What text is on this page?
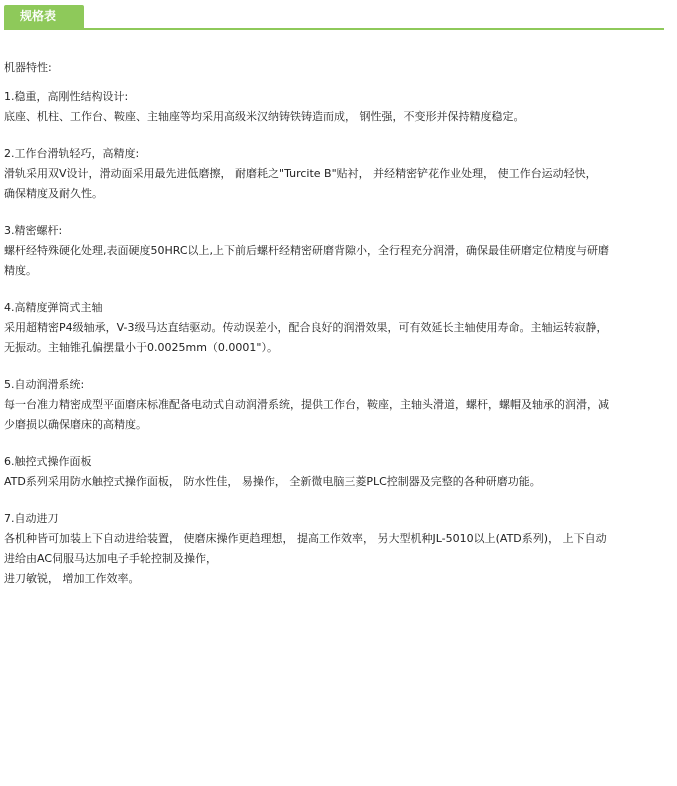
规格表

机器特性:

1.稳重，高刚性结构设计:

底座、机柱、工作台、鞍座、主轴座等均采用高级米汉纳铸铁铸造而成， 钢性强，不变形并保持精度稳定。

2.工作台滑轨轻巧，高精度:

滑轨采用双V设计，滑动面采用最先进低磨擦， 耐磨耗之"Turcite B"贴衬， 并经精密铲花作业处理， 使工作台运动轻快，

确保精度及耐久性。

3.精密螺杆:

螺杆经特殊硬化处理,表面硬度50HRC以上,上下前后螺杆经精密研磨背隙小，全行程充分润滑，确保最佳研磨定位精度与研磨

精度。

4.高精度弹筒式主轴

采用超精密P4级轴承，V-3级马达直结驱动。传动误差小，配合良好的润滑效果，可有效延长主轴使用寿命。主轴运转寂静，

无振动。主轴锥孔偏摆量小于0.0025mm（0.0001"）。

5.自动润滑系统:

每一台准力精密成型平面磨床标准配备电动式自动润滑系统，提供工作台，鞍座，主轴头滑道，螺杆，螺帽及轴承的润滑，减

少磨损以确保磨床的高精度。

6.触控式操作面板

ATD系列采用防水触控式操作面板， 防水性佳， 易操作， 全新微电脑三菱PLC控制器及完整的各种研磨功能。

7.自动进刀

各机种皆可加装上下自动进给装置， 使磨床操作更趋理想， 提高工作效率， 另大型机种JL-5010以上(ATD系列)， 上下自动

进给由AC伺服马达加电子手轮控制及操作，

进刀敏锐， 增加工作效率。
